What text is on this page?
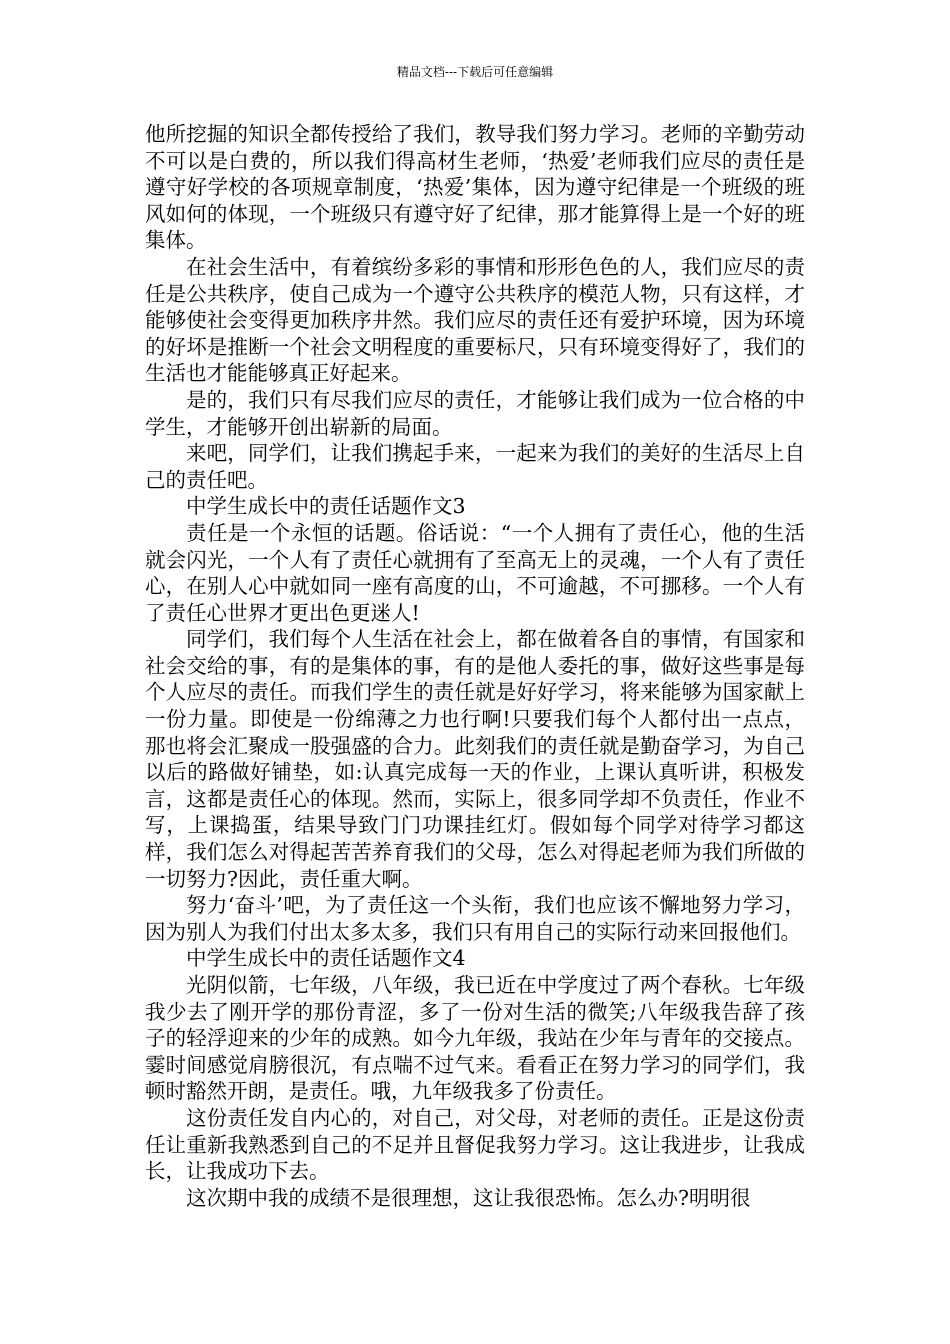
精品文档---下载后可任意编辑

他所挖掘的知识全都传授给了我们，教导我们努力学习。老师的辛勤劳动不可以是白费的，所以我们得高材生老师，‘热爱’老师我们应尽的责任是遵守好学校的各项规章制度，‘热爱’集体，因为遵守纪律是一个班级的班风如何的体现，一个班级只有遵守好了纪律，那才能算得上是一个好的班集体。

在社会生活中，有着缤纷多彩的事情和形形色色的人，我们应尽的责任是公共秩序，使自己成为一个遵守公共秩序的模范人物，只有这样，才能够使社会变得更加秩序井然。我们应尽的责任还有爱护环境，因为环境的好坏是推断一个社会文明程度的重要标尺，只有环境变得好了，我们的生活也才能能够真正好起来。

是的，我们只有尽我们应尽的责任，才能够让我们成为一位合格的中学生，才能够开创出崭新的局面。

来吧，同学们，让我们携起手来，一起来为我们的美好的生活尽上自己的责任吧。

中学生成长中的责任话题作文3

责任是一个永恒的话题。俗话说：“一个人拥有了责任心，他的生活就会闪光，一个人有了责任心就拥有了至高无上的灵魂，一个人有了责任心，在别人心中就如同一座有高度的山，不可逾越，不可挪移。一个人有了责任心世界才更出色更迷人!

同学们，我们每个人生活在社会上，都在做着各自的事情，有国家和社会交给的事，有的是集体的事，有的是他人委托的事，做好这些事是每个人应尽的责任。而我们学生的责任就是好好学习，将来能够为国家献上一份力量。即使是一份绵薄之力也行啊!只要我们每个人都付出一点点，那也将会汇聚成一股强盛的合力。此刻我们的责任就是勤奋学习，为自己以后的路做好铺垫，如:认真完成每一天的作业，上课认真听讲，积极发言，这都是责任心的体现。然而，实际上，很多同学却不负责任，作业不写，上课捣蛋，结果导致门门功课挂红灯。假如每个同学对待学习都这样，我们怎么对得起苦苦养育我们的父母，怎么对得起老师为我们所做的一切努力?因此，责任重大啊。

努力‘奋斗’吧，为了责任这一个头衔，我们也应该不懈地努力学习，因为别人为我们付出太多太多，我们只有用自己的实际行动来回报他们。

中学生成长中的责任话题作文4

光阴似箭，七年级，八年级，我已近在中学度过了两个春秋。七年级我少去了刚开学的那份青涩，多了一份对生活的微笑;八年级我告辞了孩子的轻浮迎来的少年的成熟。如今九年级，我站在少年与青年的交接点。霎时间感觉肩膀很沉，有点喘不过气来。看看正在努力学习的同学们，我顿时豁然开朗，是责任。哦，九年级我多了份责任。

这份责任发自内心的，对自己，对父母，对老师的责任。正是这份责任让重新我熟悉到自己的不足并且督促我努力学习。这让我进步，让我成长，让我成功下去。

这次期中我的成绩不是很理想，这让我很恐怖。怎么办?明明很
